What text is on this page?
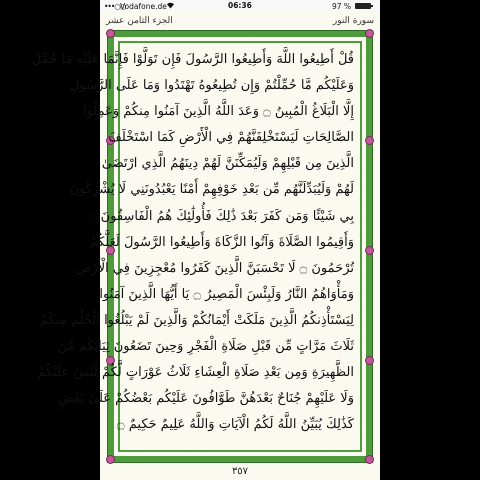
•••○○
Vodafone.de	06:36	97 %
الجزء الثامن عشر	سورة النور
قُلْ أَطِيعُوا اللَّهَ وَأَطِيعُوا الرَّسُولَ فَإِن تَوَلَّوْا فَإِنَّمَا عَلَيْهِ مَا حُمِّلَ
وَعَلَيْكُم مَّا حُمِّلْتُمْ وَإِن تُطِيعُوهُ تَهْتَدُوا وَمَا عَلَى الرَّسُولِ
إِلَّا الْبَلَاغُ الْمُبِينُ ۝ وَعَدَ اللَّهُ الَّذِينَ آمَنُوا مِنكُمْ وَعَمِلُوا
الصَّالِحَاتِ لَيَسْتَخْلِفَنَّهُمْ فِي الْأَرْضِ كَمَا اسْتَخْلَفَ
الَّذِينَ مِن قَبْلِهِمْ وَلَيُمَكِّنَنَّ لَهُمْ دِينَهُمُ الَّذِي ارْتَضَىٰ
لَهُمْ وَلَيُبَدِّلَنَّهُم مِّن بَعْدِ خَوْفِهِمْ أَمْنًا يَعْبُدُونَنِي لَا يُشْرِكُونَ
بِي شَيْئًا وَمَن كَفَرَ بَعْدَ ذَٰلِكَ فَأُولَٰئِكَ هُمُ الْفَاسِقُونَ ۝
وَأَقِيمُوا الصَّلَاةَ وَآتُوا الزَّكَاةَ وَأَطِيعُوا الرَّسُولَ لَعَلَّكُمْ
تُرْحَمُونَ ۝ لَا تَحْسَبَنَّ الَّذِينَ كَفَرُوا مُعْجِزِينَ فِي الْأَرْضِ
وَمَأْوَاهُمُ النَّارُ وَلَبِئْسَ الْمَصِيرُ ۝ يَا أَيُّهَا الَّذِينَ آمَنُوا
لِيَسْتَأْذِنكُمُ الَّذِينَ مَلَكَتْ أَيْمَانُكُمْ وَالَّذِينَ لَمْ يَبْلُغُوا الْحُلُمَ مِنكُمْ
ثَلَاثَ مَرَّاتٍ مِّن قَبْلِ صَلَاةِ الْفَجْرِ وَحِينَ تَضَعُونَ ثِيَابَكُم مِّنَ
الظَّهِيرَةِ وَمِن بَعْدِ صَلَاةِ الْعِشَاءِ ثَلَاثُ عَوْرَاتٍ لَّكُمْ لَيْسَ عَلَيْكُمْ
وَلَا عَلَيْهِمْ جُنَاحٌ بَعْدَهُنَّ طَوَّافُونَ عَلَيْكُم بَعْضُكُمْ عَلَىٰ بَعْضٍ
كَذَٰلِكَ يُبَيِّنُ اللَّهُ لَكُمُ الْآيَاتِ وَاللَّهُ عَلِيمٌ حَكِيمٌ ۝
٣٥٧
